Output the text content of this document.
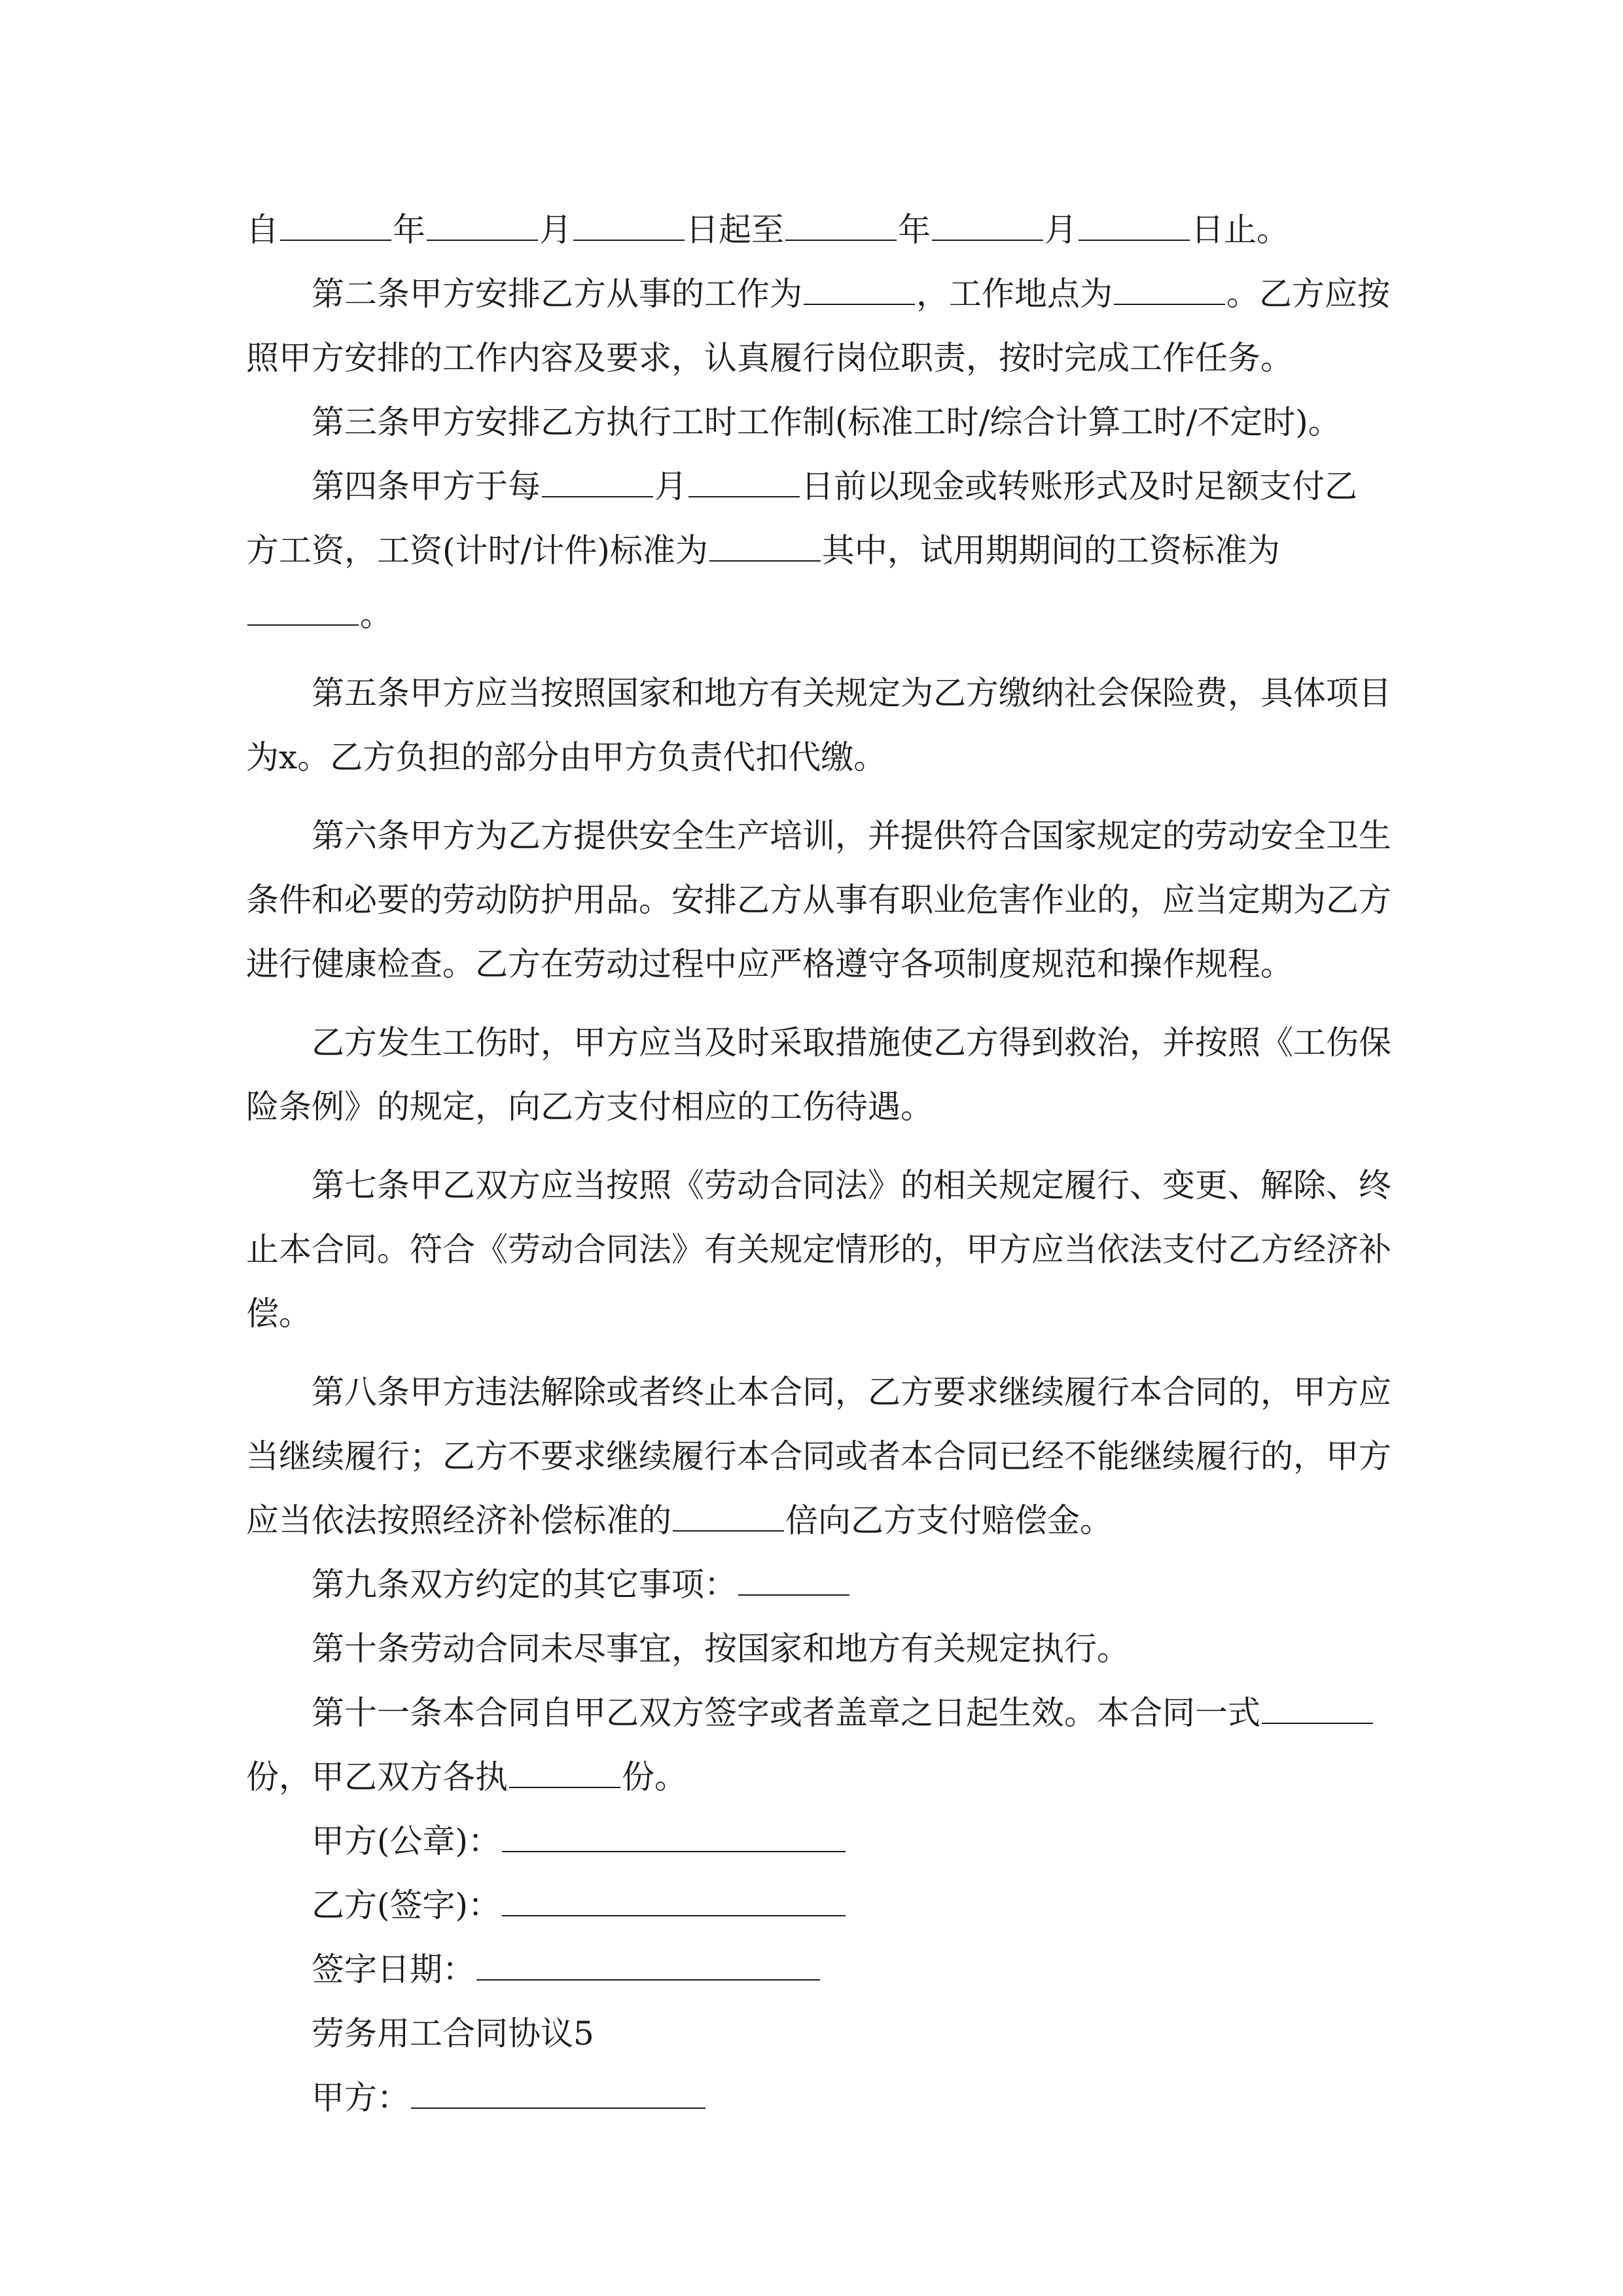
自	年	月	日起至	年	月	日止。
第二条甲方安排乙方从事的工作为	，工作地点为	。乙方应按
照甲方安排的工作内容及要求，认真履行岗位职责，按时完成工作任务。
第三条甲方安排乙方执行工时工作制(标准工时/综合计算工时/不定时)。
第四条甲方于每	月	日前以现金或转账形式及时足额支付乙
方工资，工资(计时/计件)标准为	其中，试用期期间的工资标准为
。
第五条甲方应当按照国家和地方有关规定为乙方缴纳社会保险费，具体项目
为x。乙方负担的部分由甲方负责代扣代缴。
第六条甲方为乙方提供安全生产培训，并提供符合国家规定的劳动安全卫生
条件和必要的劳动防护用品。安排乙方从事有职业危害作业的，应当定期为乙方
进行健康检查。乙方在劳动过程中应严格遵守各项制度规范和操作规程。
乙方发生工伤时，甲方应当及时采取措施使乙方得到救治，并按照《工伤保
险条例》的规定，向乙方支付相应的工伤待遇。
第七条甲乙双方应当按照《劳动合同法》的相关规定履行、变更、解除、终
止本合同。符合《劳动合同法》有关规定情形的，甲方应当依法支付乙方经济补
偿。
第八条甲方违法解除或者终止本合同，乙方要求继续履行本合同的，甲方应
当继续履行；乙方不要求继续履行本合同或者本合同已经不能继续履行的，甲方
应当依法按照经济补偿标准的	倍向乙方支付赔偿金。
第九条双方约定的其它事项：
第十条劳动合同未尽事宜，按国家和地方有关规定执行。
第十一条本合同自甲乙双方签字或者盖章之日起生效。本合同一式
份，甲乙双方各执	份。
甲方(公章)：
乙方(签字)：
签字日期：
劳务用工合同协议5
甲方：
